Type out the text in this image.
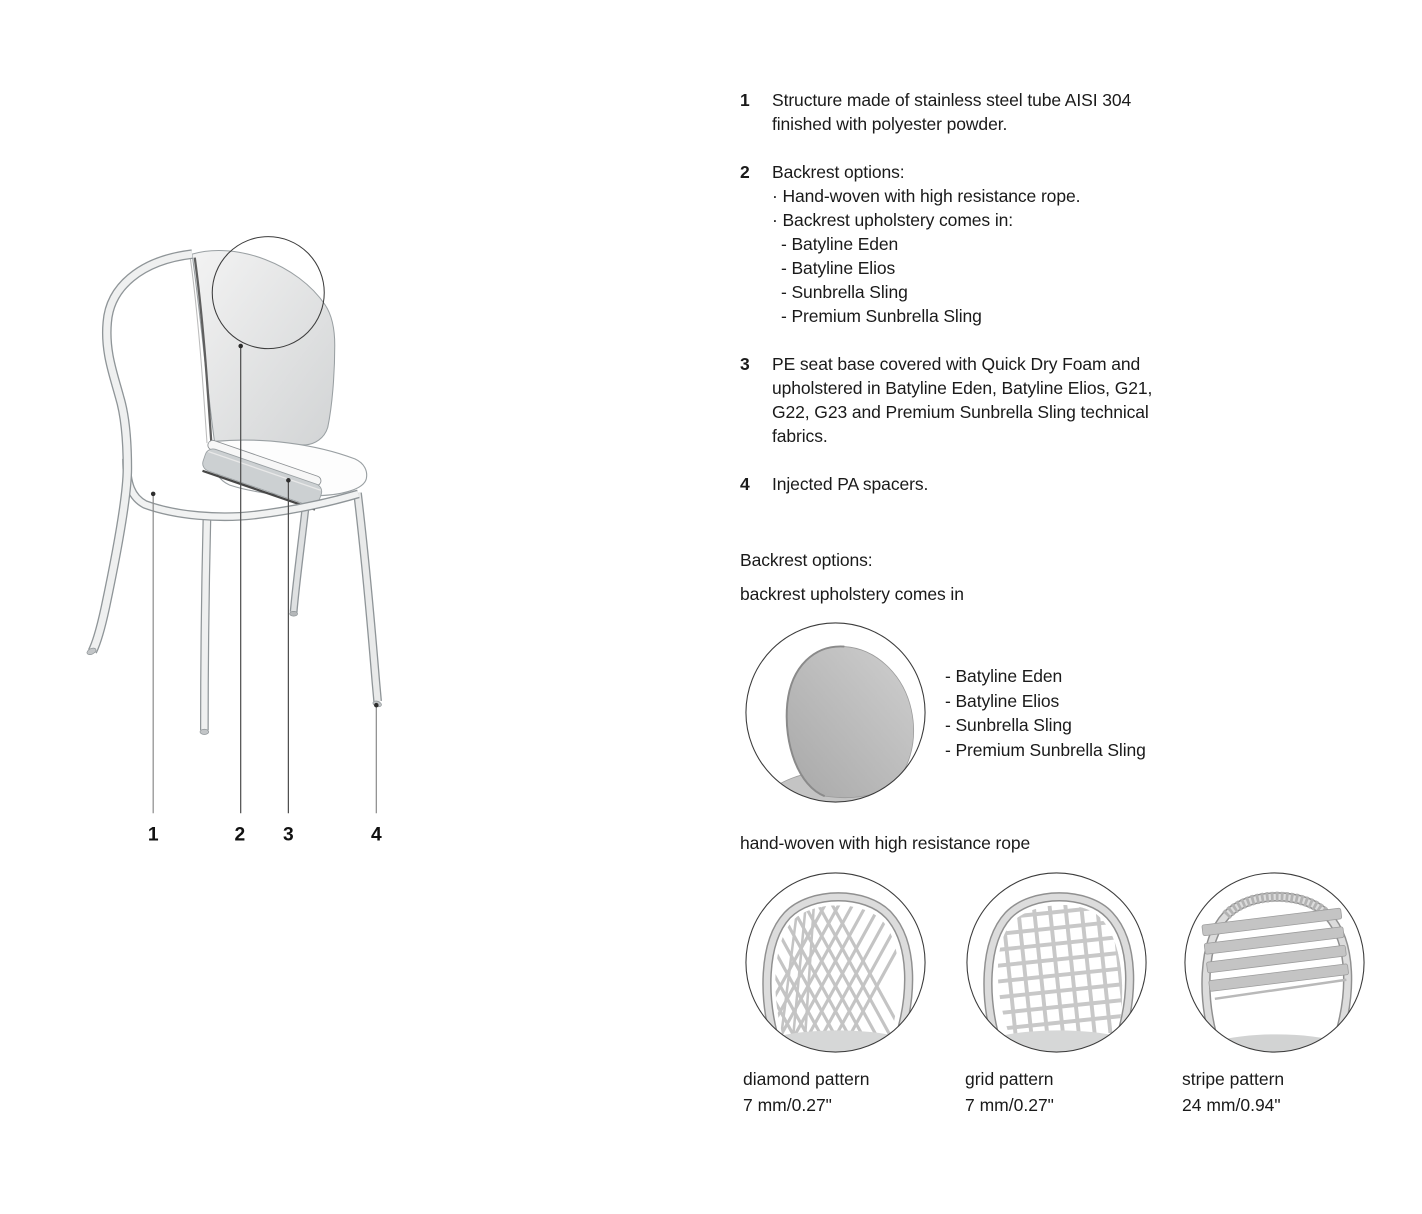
1	2 3	4
1	Structure made of stainless steel tube AISI 304
finished with polyester powder.
2	Backrest options:
· Hand-woven with high resistance rope.
· Backrest upholstery comes in:
- Batyline Eden
- Batyline Elios
- Sunbrella Sling
- Premium Sunbrella Sling
3	PE seat base covered with Quick Dry Foam and
upholstered in Batyline Eden, Batyline Elios, G21,
G22, G23 and Premium Sunbrella Sling technical
fabrics.
4	Injected PA spacers.
Backrest options:
backrest upholstery comes in
- Batyline Eden
- Batyline Elios
- Sunbrella Sling
- Premium Sunbrella Sling
hand-woven with high resistance rope
diamond pattern
7 mm/0.27"
grid pattern
7 mm/0.27"
stripe pattern
24 mm/0.94"
